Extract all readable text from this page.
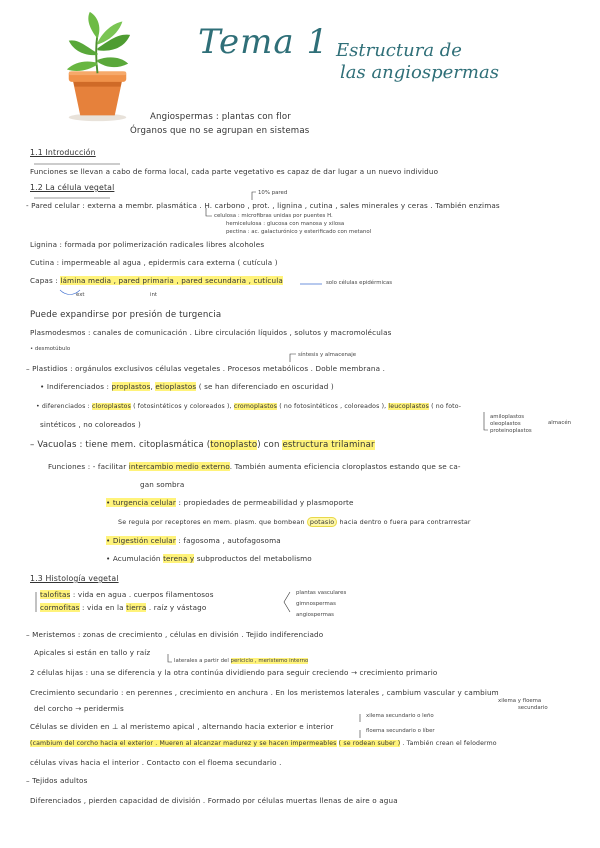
Tema 1 Estructura de
las angiospermas
Angiospermas : plantas con flor
Órganos que no se agrupan en sistemas
1.1 Introducción
Funciones se llevan a cabo de forma local, cada parte vegetativo es capaz de dar lugar a un nuevo individuo
1.2 La célula vegetal
10% pared
- Pared celular : externa a membr. plasmática . H. carbono , prot. , lignina , cutina , sales minerales y ceras . También enzimas
celulosa : microfibras unidas por puentes H.
hemicelulosa : glucosa con manosa y xilosa
pectina : ac. galacturónico y esterificado con metanol
Lignina : formada por polimerización radicales libres alcoholes
Cutina : impermeable al agua , epidermis cara externa ( cutícula )
Capas : lámina media , pared primaria , pared secundaria , cutícula	solo células epidérmicas
ext	int
Puede expandirse por presión de turgencia
Plasmodesmos : canales de comunicación . Libre circulación líquidos , solutos y macromoléculas
• desmotúbulo
síntesis y almacenaje
– Plastidios : orgánulos exclusivos células vegetales . Procesos metabólicos . Doble membrana .
• Indiferenciados : proplastos, etioplastos ( se han diferenciado en oscuridad )
• diferenciados : cloroplastos ( fotosintéticos y coloreados ), cromoplastos ( no fotosintéticos , coloreados ), leucoplastos ( no foto-
sintéticos , no coloreados )
amiloplastos
oleoplastos
proteinoplastos
almacén
– Vacuolas : tiene mem. citoplasmática (tonoplasto) con estructura trilaminar
Funciones : - facilitar intercambio medio externo. También aumenta eficiencia cloroplastos estando que se ca-
gan sombra
• turgencia celular : propiedades de permeabilidad y plasmoporte
Se regula por receptores en mem. plasm. que bombean potasio hacia dentro o fuera para contrarrestar
• Digestión celular : fagosoma , autofagosoma
• Acumulación terena y subproductos del metabolismo
1.3 Histología vegetal
talofitas : vida en agua . cuerpos filamentosos
cormofitas : vida en la tierra . raíz y vástago
plantas vasculares
gimnospermas
angiospermas
– Meristemos : zonas de crecimiento , células en división . Tejido indiferenciado
laterales a partir del periciclo , meristemo interno
Apicales si están en tallo y raíz
2 células hijas : una se diferencia y la otra continúa dividiendo para seguir creciendo → crecimiento primario
Crecimiento secundario : en perennes , crecimiento en anchura . En los meristemos laterales , cambium vascular y cambium
xilema y floema
secundario
del corcho → peridermis
xilema secundario o leño
floema secundario o líber
Células se dividen en ⊥ al meristemo apical , alternando hacia exterior e interior
(cambium del corcho hacia el exterior . Mueren al alcanzar madurez y se hacen impermeables ( se rodean suber ) . También crean el felodermo
células vivas hacia el interior . Contacto con el floema secundario .
– Tejidos adultos
Diferenciados , pierden capacidad de división . Formado por células muertas llenas de aire o agua
